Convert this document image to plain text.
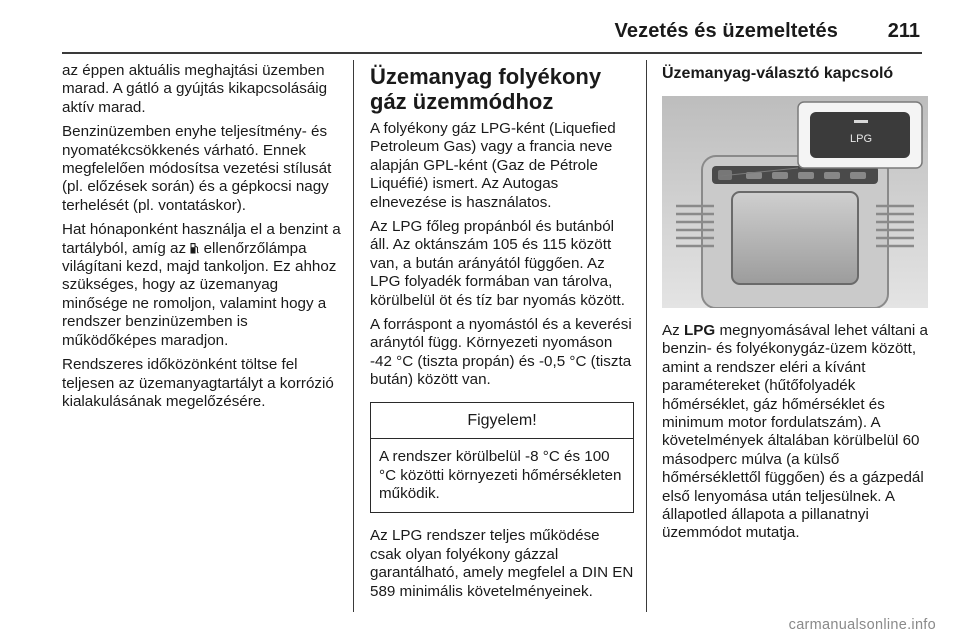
Vezetés és üzemeltetés 211

az éppen aktuális meghajtási üzemben marad. A gátló a gyújtás kikapcsolásáig aktív marad.

Benzinüzemben enyhe teljesítmény- és nyomatékcsökkenés várható. Ennek megfelelően módosítsa vezetési stílusát (pl. előzések során) és a gépkocsi nagy terhelését (pl. vontatáskor).

Hat hónaponként használja el a benzint a tartályból, amíg az ellenőrzőlámpa világítani kezd, majd tankoljon. Ez ahhoz szükséges, hogy az üzemanyag minősége ne romoljon, valamint hogy a rendszer benzinüzemben is működőképes maradjon.

Rendszeres időközönként töltse fel teljesen az üzemanyagtartályt a korrózió kialakulásának megelőzésére.

Üzemanyag folyékony gáz üzemmódhoz

A folyékony gáz LPG-ként (Liquefied Petroleum Gas) vagy a francia neve alapján GPL-ként (Gaz de Pétrole Liquéfié) ismert. Az Autogas elnevezése is használatos.

Az LPG főleg propánból és butánból áll. Az oktánszám 105 és 115 között van, a bután arányától függően. Az LPG folyadék formában van tárolva, körülbelül öt és tíz bar nyomás között.

A forráspont a nyomástól és a keverési aránytól függ. Környezeti nyomáson -42 °C (tiszta propán) és -0,5 °C (tiszta bután) között van.

Figyelem!
A rendszer körülbelül -8 °C és 100 °C közötti környezeti hőmérsékleten működik.

Az LPG rendszer teljes működése csak olyan folyékony gázzal garantálható, amely megfelel a DIN EN 589 minimális követelményeinek.

Üzemanyag-választó kapcsoló
LPG

Az LPG megnyomásával lehet váltani a benzin- és folyékonygáz-üzem között, amint a rendszer eléri a kívánt paramétereket (hűtőfolyadék hőmérséklet, gáz hőmérséklet és minimum motor fordulatszám). A követelmények általában körülbelül 60 másodperc múlva (a külső hőmérséklettől függően) és a gázpedál első lenyomása után teljesülnek. A állapotled állapota a pillanatnyi üzemmódot mutatja.

carmanualsonline.info
